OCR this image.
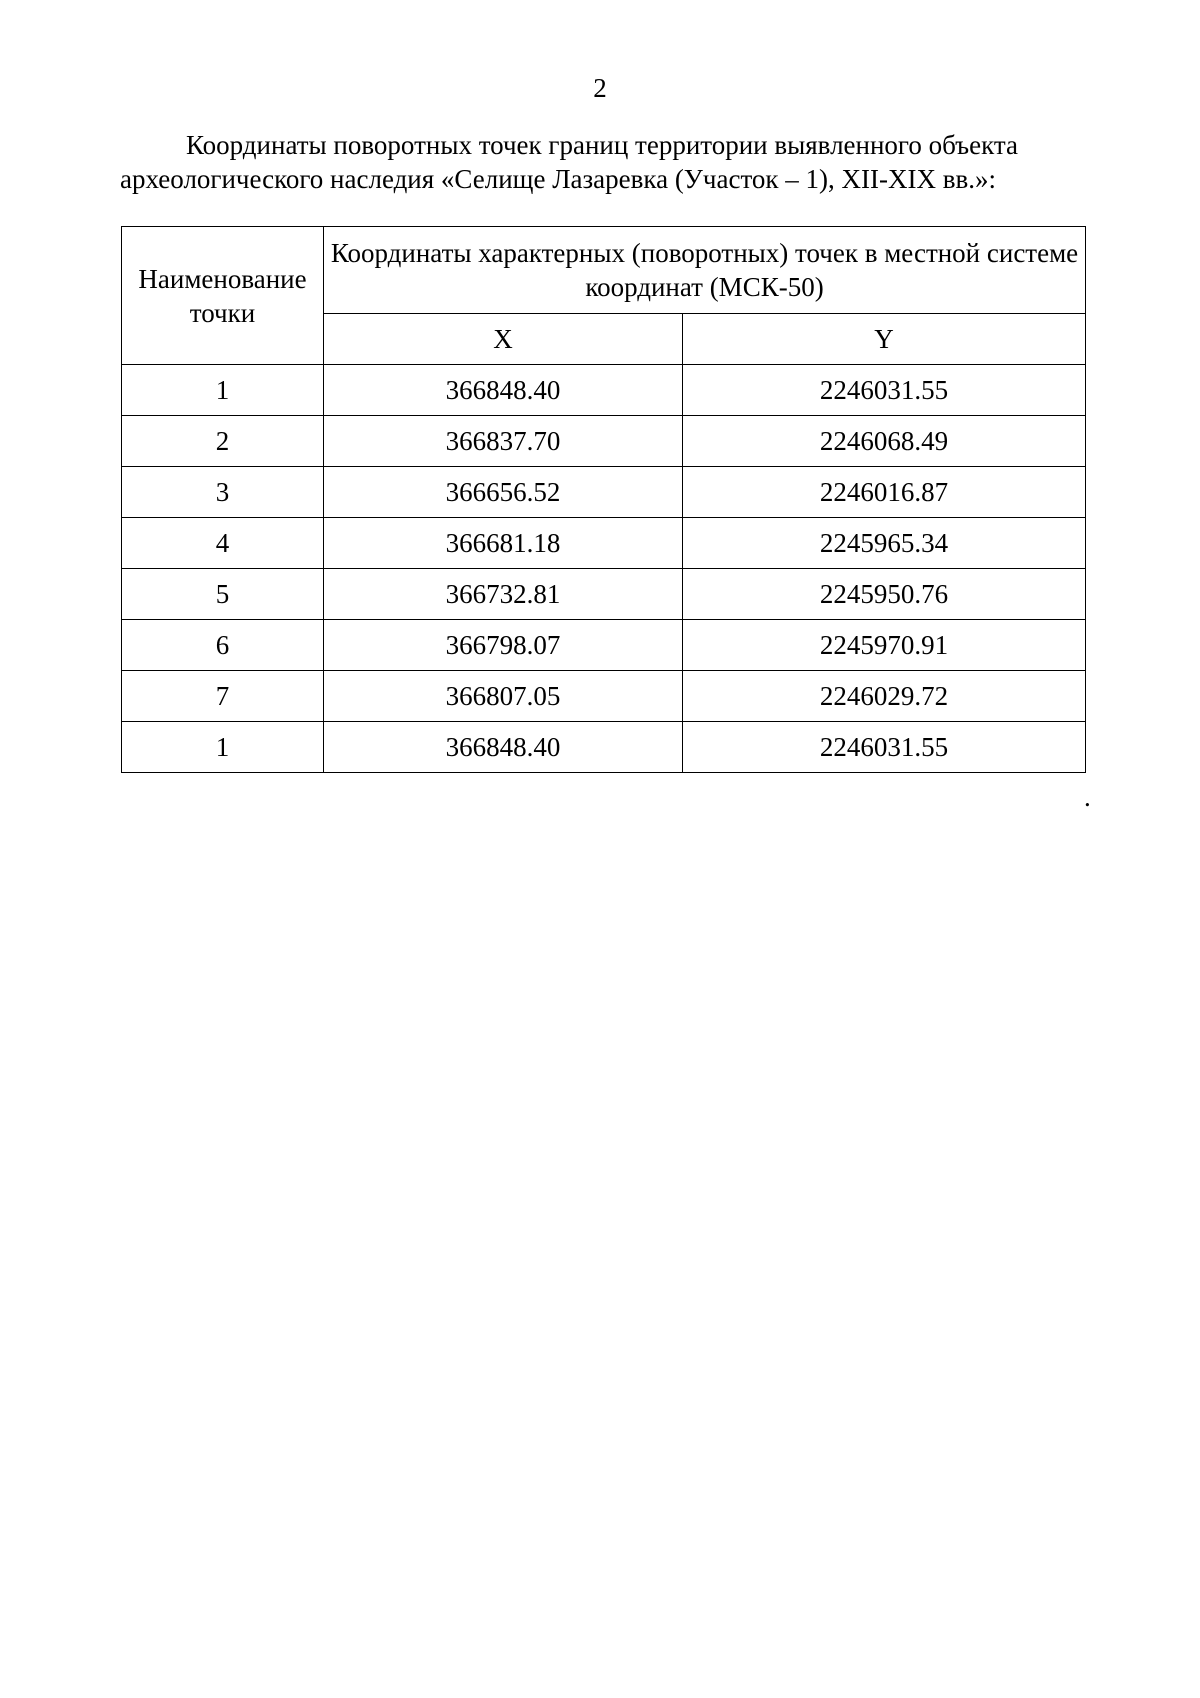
2
Координаты поворотных точек границ территории выявленного объекта
археологического наследия «Селище Лазаревка (Участок – 1), XII-XIX вв.»:
Наименование точки	Координаты характерных (поворотных) точек в местной системе координат (МСК-50)	
	X	Y
1	366848.40	2246031.55
2	366837.70	2246068.49
3	366656.52	2246016.87
4	366681.18	2245965.34
5	366732.81	2245950.76
6	366798.07	2245970.91
7	366807.05	2246029.72
1	366848.40	2246031.55
.
